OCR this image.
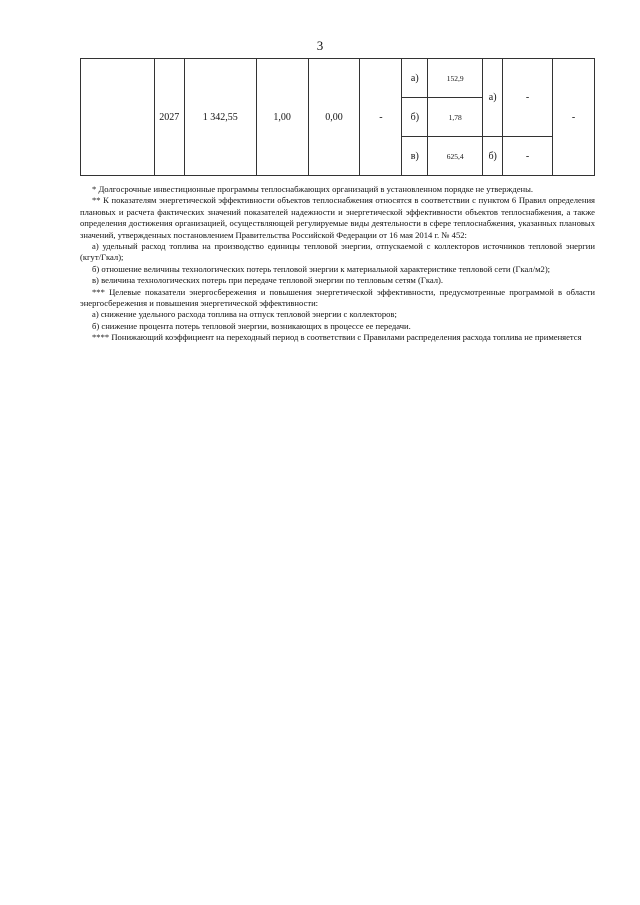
3
	2027	1 342,55	1,00	0,00	-	а)	152,9	а)	-	-
						б)	1,78			
						в)	625,4	б)	-	

* Долгосрочные инвестиционные программы теплоснабжающих организаций в установленном порядке не утверждены.

** К показателям энергетической эффективности объектов теплоснабжения относятся в соответствии с пунктом 6 Правил определения плановых и расчета фактических значений показателей надежности и энергетической эффективности объектов теплоснабжения, а также определения достижения организацией, осуществляющей регулируемые виды деятельности в сфере теплоснабжения, указанных плановых значений, утвержденных постановлением Правительства Российской Федерации от 16 мая 2014 г. № 452:

а) удельный расход топлива на производство единицы тепловой энергии, отпускаемой с коллекторов источников тепловой энергии (кгут/Гкал);

б) отношение величины технологических потерь тепловой энергии к материальной характеристике тепловой сети (Гкал/м2);

в) величина технологических потерь при передаче тепловой энергии по тепловым сетям (Гкал).

*** Целевые показатели энергосбережения и повышения энергетической эффективности, предусмотренные программой в области энергосбережения и повышения энергетической эффективности:

а) снижение удельного расхода топлива на отпуск тепловой энергии с коллекторов;

б) снижение процента потерь тепловой энергии, возникающих в процессе ее передачи.

**** Понижающий коэффициент на переходный период в соответствии с Правилами распределения расхода топлива не применяется
